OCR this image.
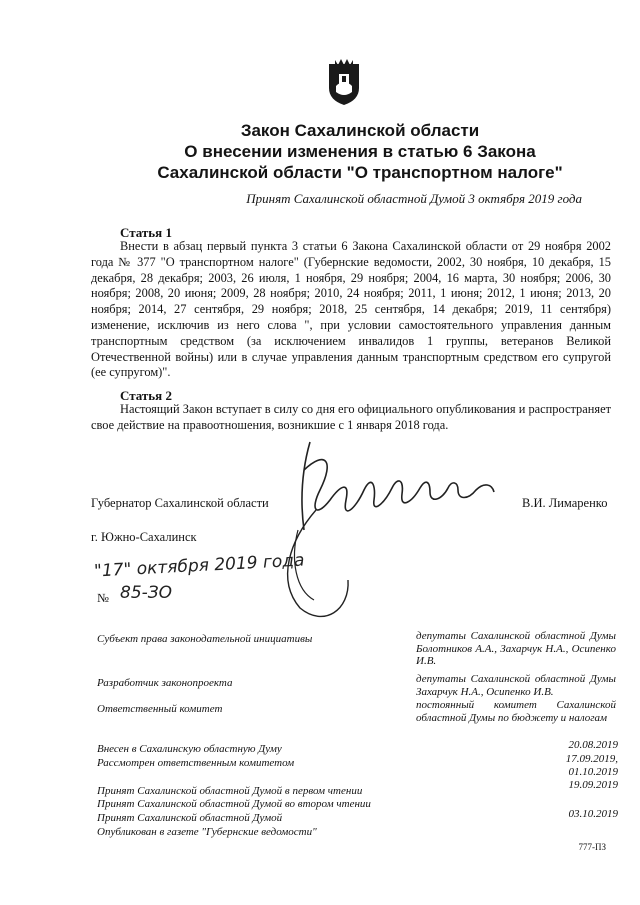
Закон Сахалинской области
О внесении изменения в статью 6 Закона
Сахалинской области "О транспортном налоге"
Принят Сахалинской областной Думой 3 октября 2019 года
Статья 1
Внести в абзац первый пункта 3 статьи 6 Закона Сахалинской области от 29 ноября 2002 года № 377 "О транспортном налоге" (Губернские ведомости, 2002, 30 ноября, 10 декабря, 15 декабря, 28 декабря; 2003, 26 июля, 1 ноября, 29 ноября; 2004, 16 марта, 30 ноября; 2006, 30 ноября; 2008, 20 июня; 2009, 28 ноября; 2010, 24 ноября; 2011, 1 июня; 2012, 1 июня; 2013, 20 ноября; 2014, 27 сентября, 29 ноября; 2018, 25 сентября, 14 декабря; 2019, 11 сентября) изменение, исключив из него слова ", при условии самостоятельного управления данным транспортным средством (за исключением инвалидов 1 группы, ветеранов Великой Отечественной войны) или в случае управления данным транспортным средством его супругой (ее супругом)".
Статья 2
Настоящий Закон вступает в силу со дня его официального опубликования и распространяет свое действие на правоотношения, возникшие с 1 января 2018 года.
Губернатор Сахалинской области	В.И. Лимаренко
г. Южно-Сахалинск
"17" октября 2019 года
№ 85-ЗО
Субъект права законодательной инициативы	депутаты Сахалинской областной Думы Болотников А.А., Захарчук Н.А., Осипенко И.В.
Разработчик законопроекта	депутаты Сахалинской областной Думы Захарчук Н.А., Осипенко И.В.
Ответственный комитет	постоянный комитет Сахалинской областной Думы по бюджету и налогам
Внесен в Сахалинскую областную Думу	20.08.2019
Рассмотрен ответственным комитетом	17.09.2019,
01.10.2019
Принят Сахалинской областной Думой в первом чтении	19.09.2019
Принят Сахалинской областной Думой во втором чтении
Принят Сахалинской областной Думой	03.10.2019
Опубликован в газете "Губернские ведомости"
777-ПЗ
